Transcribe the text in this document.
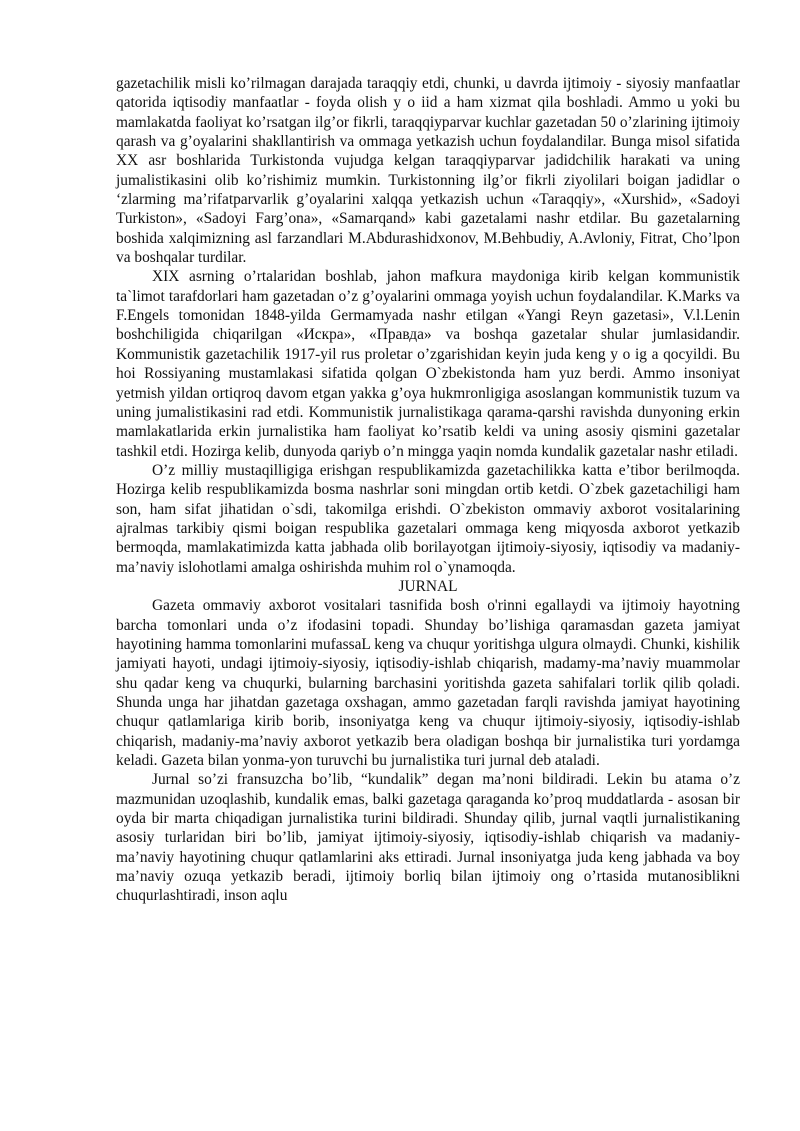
gazetachilik misli ko’rilmagan darajada taraqqiy etdi, chunki, u davrda ijtimoiy - siyosiy manfaatlar qatorida iqtisodiy manfaatlar - foyda olish y o iid a ham xizmat qila boshladi. Ammo u yoki bu mamlakatda faoliyat ko’rsatgan ilg’or fikrli, taraqqiyparvar kuchlar gazetadan 50 o’zlarining ijtimoiy qarash va g’oyalarini shakllantirish va ommaga yetkazish uchun foydalandilar. Bunga misol sifatida XX asr boshlarida Turkistonda vujudga kelgan taraqqiyparvar jadidchilik harakati va uning jumalistikasini olib ko’rishimiz mumkin. Turkistonning ilg’or fikrli ziyolilari boigan jadidlar o ‘zlarming ma’rifatparvarlik g’oyalarini xalqqa yetkazish uchun «Taraqqiy», «Xurshid», «Sadoyi Turkiston», «Sadoyi Farg’ona», «Samarqand» kabi gazetalami nashr etdilar. Bu gazetalarning boshida xalqimizning asl farzandlari M.Abdurashidxonov, M.Behbudiy, A.Avloniy, Fitrat, Cho’lpon va boshqalar turdilar.

XIX asrning o’rtalaridan boshlab, jahon mafkura maydoniga kirib kelgan kommunistik ta`limot tarafdorlari ham gazetadan o’z g’oyalarini ommaga yoyish uchun foydalandilar. K.Marks va F.Engels tomonidan 1848-yilda Germamyada nashr etilgan «Yangi Reyn gazetasi», V.l.Lenin boshchiligida chiqarilgan «Искра», «Правда» va boshqa gazetalar shular jumlasidandir. Kommunistik gazetachilik 1917-yil rus proletar o’zgarishidan keyin juda keng y o ig a qocyildi. Bu hoi Rossiyaning mustamlakasi sifatida qolgan O`zbekistonda ham yuz berdi. Ammo insoniyat yetmish yildan ortiqroq davom etgan yakka g’oya hukmronligiga asoslangan kommunistik tuzum va uning jumalistikasini rad etdi. Kommunistik jurnalistikaga qarama-qarshi ravishda dunyoning erkin mamlakatlarida erkin jurnalistika ham faoliyat ko’rsatib keldi va uning asosiy qismini gazetalar tashkil etdi. Hozirga kelib, dunyoda qariyb o’n mingga yaqin nomda kundalik gazetalar nashr etiladi.

O’z milliy mustaqilligiga erishgan respublikamizda gazetachilikka katta e’tibor berilmoqda. Hozirga kelib respublikamizda bosma nashrlar soni mingdan ortib ketdi. O`zbek gazetachiligi ham son, ham sifat jihatidan o`sdi, takomilga erishdi. O`zbekiston ommaviy axborot vositalarining ajralmas tarkibiy qismi boigan respublika gazetalari ommaga keng miqyosda axborot yetkazib bermoqda, mamlakatimizda katta jabhada olib borilayotgan ijtimoiy-siyosiy, iqtisodiy va madaniy-ma’naviy islohotlami amalga oshirishda muhim rol o`ynamoqda.

JURNAL

Gazeta ommaviy axborot vositalari tasnifida bosh o'rinni egallaydi va ijtimoiy hayotning barcha tomonlari unda o’z ifodasini topadi. Shunday bo’lishiga qaramasdan gazeta jamiyat hayotining hamma tomonlarini mufassaL keng va chuqur yoritishga ulgura olmaydi. Chunki, kishilik jamiyati hayoti, undagi ijtimoiy-siyosiy, iqtisodiy-ishlab chiqarish, madamy-ma’naviy muammolar shu qadar keng va chuqurki, bularning barchasini yoritishda gazeta sahifalari torlik qilib qoladi. Shunda unga har jihatdan gazetaga oxshagan, ammo gazetadan farqli ravishda jamiyat hayotining chuqur qatlamlariga kirib borib, insoniyatga keng va chuqur ijtimoiy-siyosiy, iqtisodiy-ishlab chiqarish, madaniy-ma’naviy axborot yetkazib bera oladigan boshqa bir jurnalistika turi yordamga keladi. Gazeta bilan yonma-yon turuvchi bu jurnalistika turi jurnal deb ataladi.

Jurnal so’zi fransuzcha bo’lib, “kundalik” degan ma’noni bildiradi. Lekin bu atama o’z mazmunidan uzoqlashib, kundalik emas, balki gazetaga qaraganda ko’proq muddatlarda - asosan bir oyda bir marta chiqadigan jurnalistika turini bildiradi. Shunday qilib, jurnal vaqtli jurnalistikaning asosiy turlaridan biri bo’lib, jamiyat ijtimoiy-siyosiy, iqtisodiy-ishlab chiqarish va madaniy-ma’naviy hayotining chuqur qatlamlarini aks ettiradi. Jurnal insoniyatga juda keng jabhada va boy ma’naviy ozuqa yetkazib beradi, ijtimoiy borliq bilan ijtimoiy ong o’rtasida mutanosiblikni chuqurlashtiradi, inson aqlu
